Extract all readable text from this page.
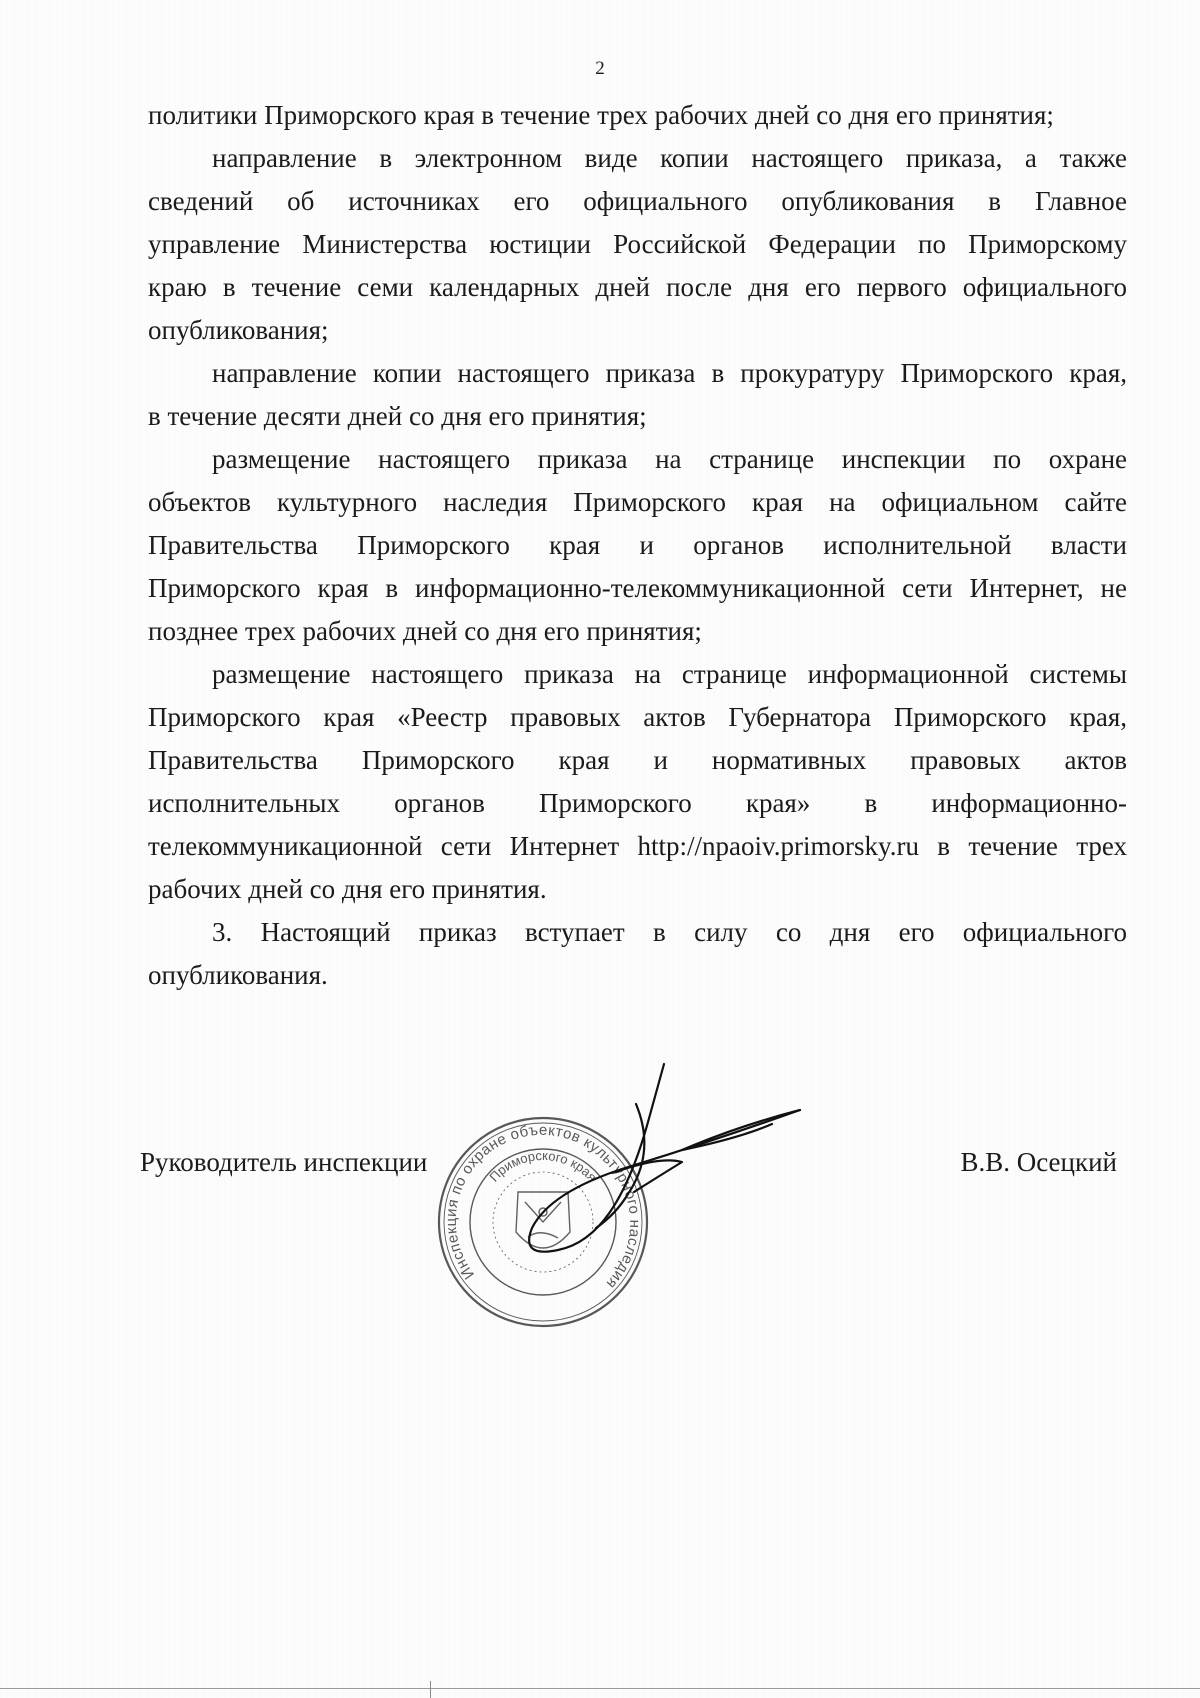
2
политики Приморского края в течение трех рабочих дней со дня его принятия;
направление в электронном виде копии настоящего приказа, а также
сведений об источниках его официального опубликования в Главное
управление Министерства юстиции Российской Федерации по Приморскому
краю в течение семи календарных дней после дня его первого официального
опубликования;
направление копии настоящего приказа в прокуратуру Приморского края,
в течение десяти дней со дня его принятия;
размещение настоящего приказа на странице инспекции по охране
объектов культурного наследия Приморского края на официальном сайте
Правительства Приморского края и органов исполнительной власти
Приморского края в информационно-телекоммуникационной сети Интернет, не
позднее трех рабочих дней со дня его принятия;
размещение настоящего приказа на странице информационной системы
Приморского края «Реестр правовых актов Губернатора Приморского края,
Правительства Приморского края и нормативных правовых актов
исполнительных органов Приморского края» в информационно-
телекоммуникационной сети Интернет http://npaoiv.primorsky.ru в течение трех
рабочих дней со дня его принятия.
3. Настоящий приказ вступает в силу со дня его официального
опубликования.
Руководитель инспекции	В.В. Осецкий
Инспекция по охране объектов культурного наследия
Приморского края
